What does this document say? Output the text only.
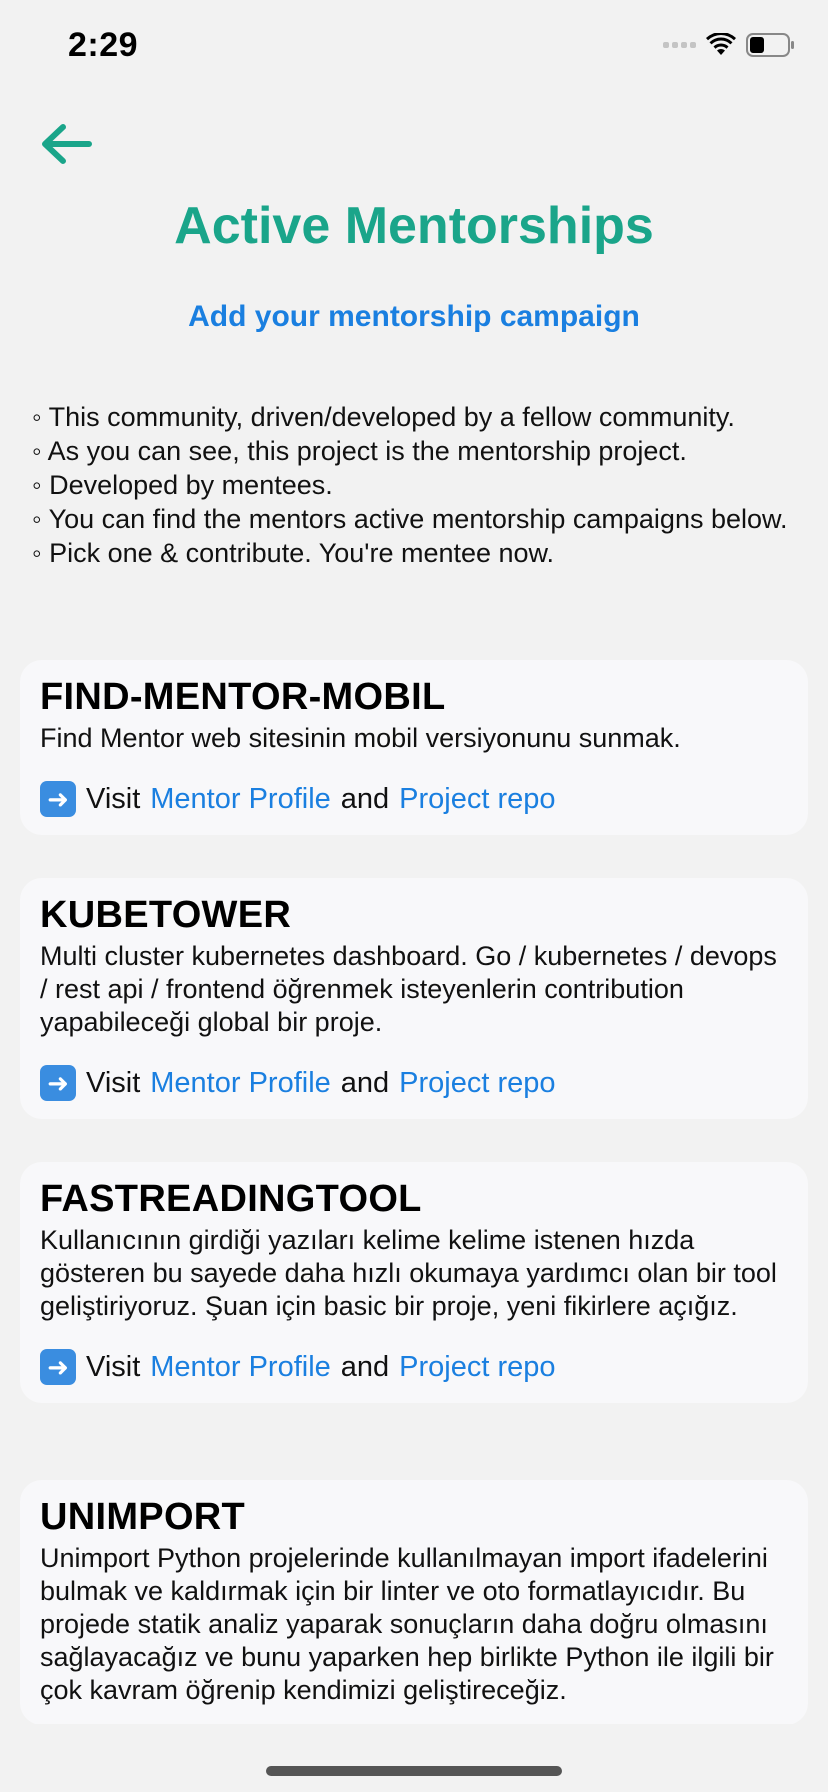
2:29
Active Mentorships
Add your mentorship campaign
◦ This community, driven/developed by a fellow community.
◦ As you can see, this project is the mentorship project.
◦ Developed by mentees.
◦ You can find the mentors active mentorship campaigns below.
◦ Pick one & contribute. You're mentee now.
FIND-MENTOR-MOBIL
Find Mentor web sitesinin mobil versiyonunu sunmak.
➜ Visit Mentor Profile and Project repo
KUBETOWER
Multi cluster kubernetes dashboard. Go / kubernetes / devops / rest api / frontend öğrenmek isteyenlerin contribution yapabileceği global bir proje.
➜ Visit Mentor Profile and Project repo
FASTREADINGTOOL
Kullanıcının girdiği yazıları kelime kelime istenen hızda gösteren bu sayede daha hızlı okumaya yardımcı olan bir tool geliştiriyoruz. Şuan için basic bir proje, yeni fikirlere açığız.
➜ Visit Mentor Profile and Project repo
UNIMPORT
Unimport Python projelerinde kullanılmayan import ifadelerini bulmak ve kaldırmak için bir linter ve oto formatlayıcıdır. Bu projede statik analiz yaparak sonuçların daha doğru olmasını sağlayacağız ve bunu yaparken hep birlikte Python ile ilgili bir çok kavram öğrenip kendimizi geliştireceğiz.
